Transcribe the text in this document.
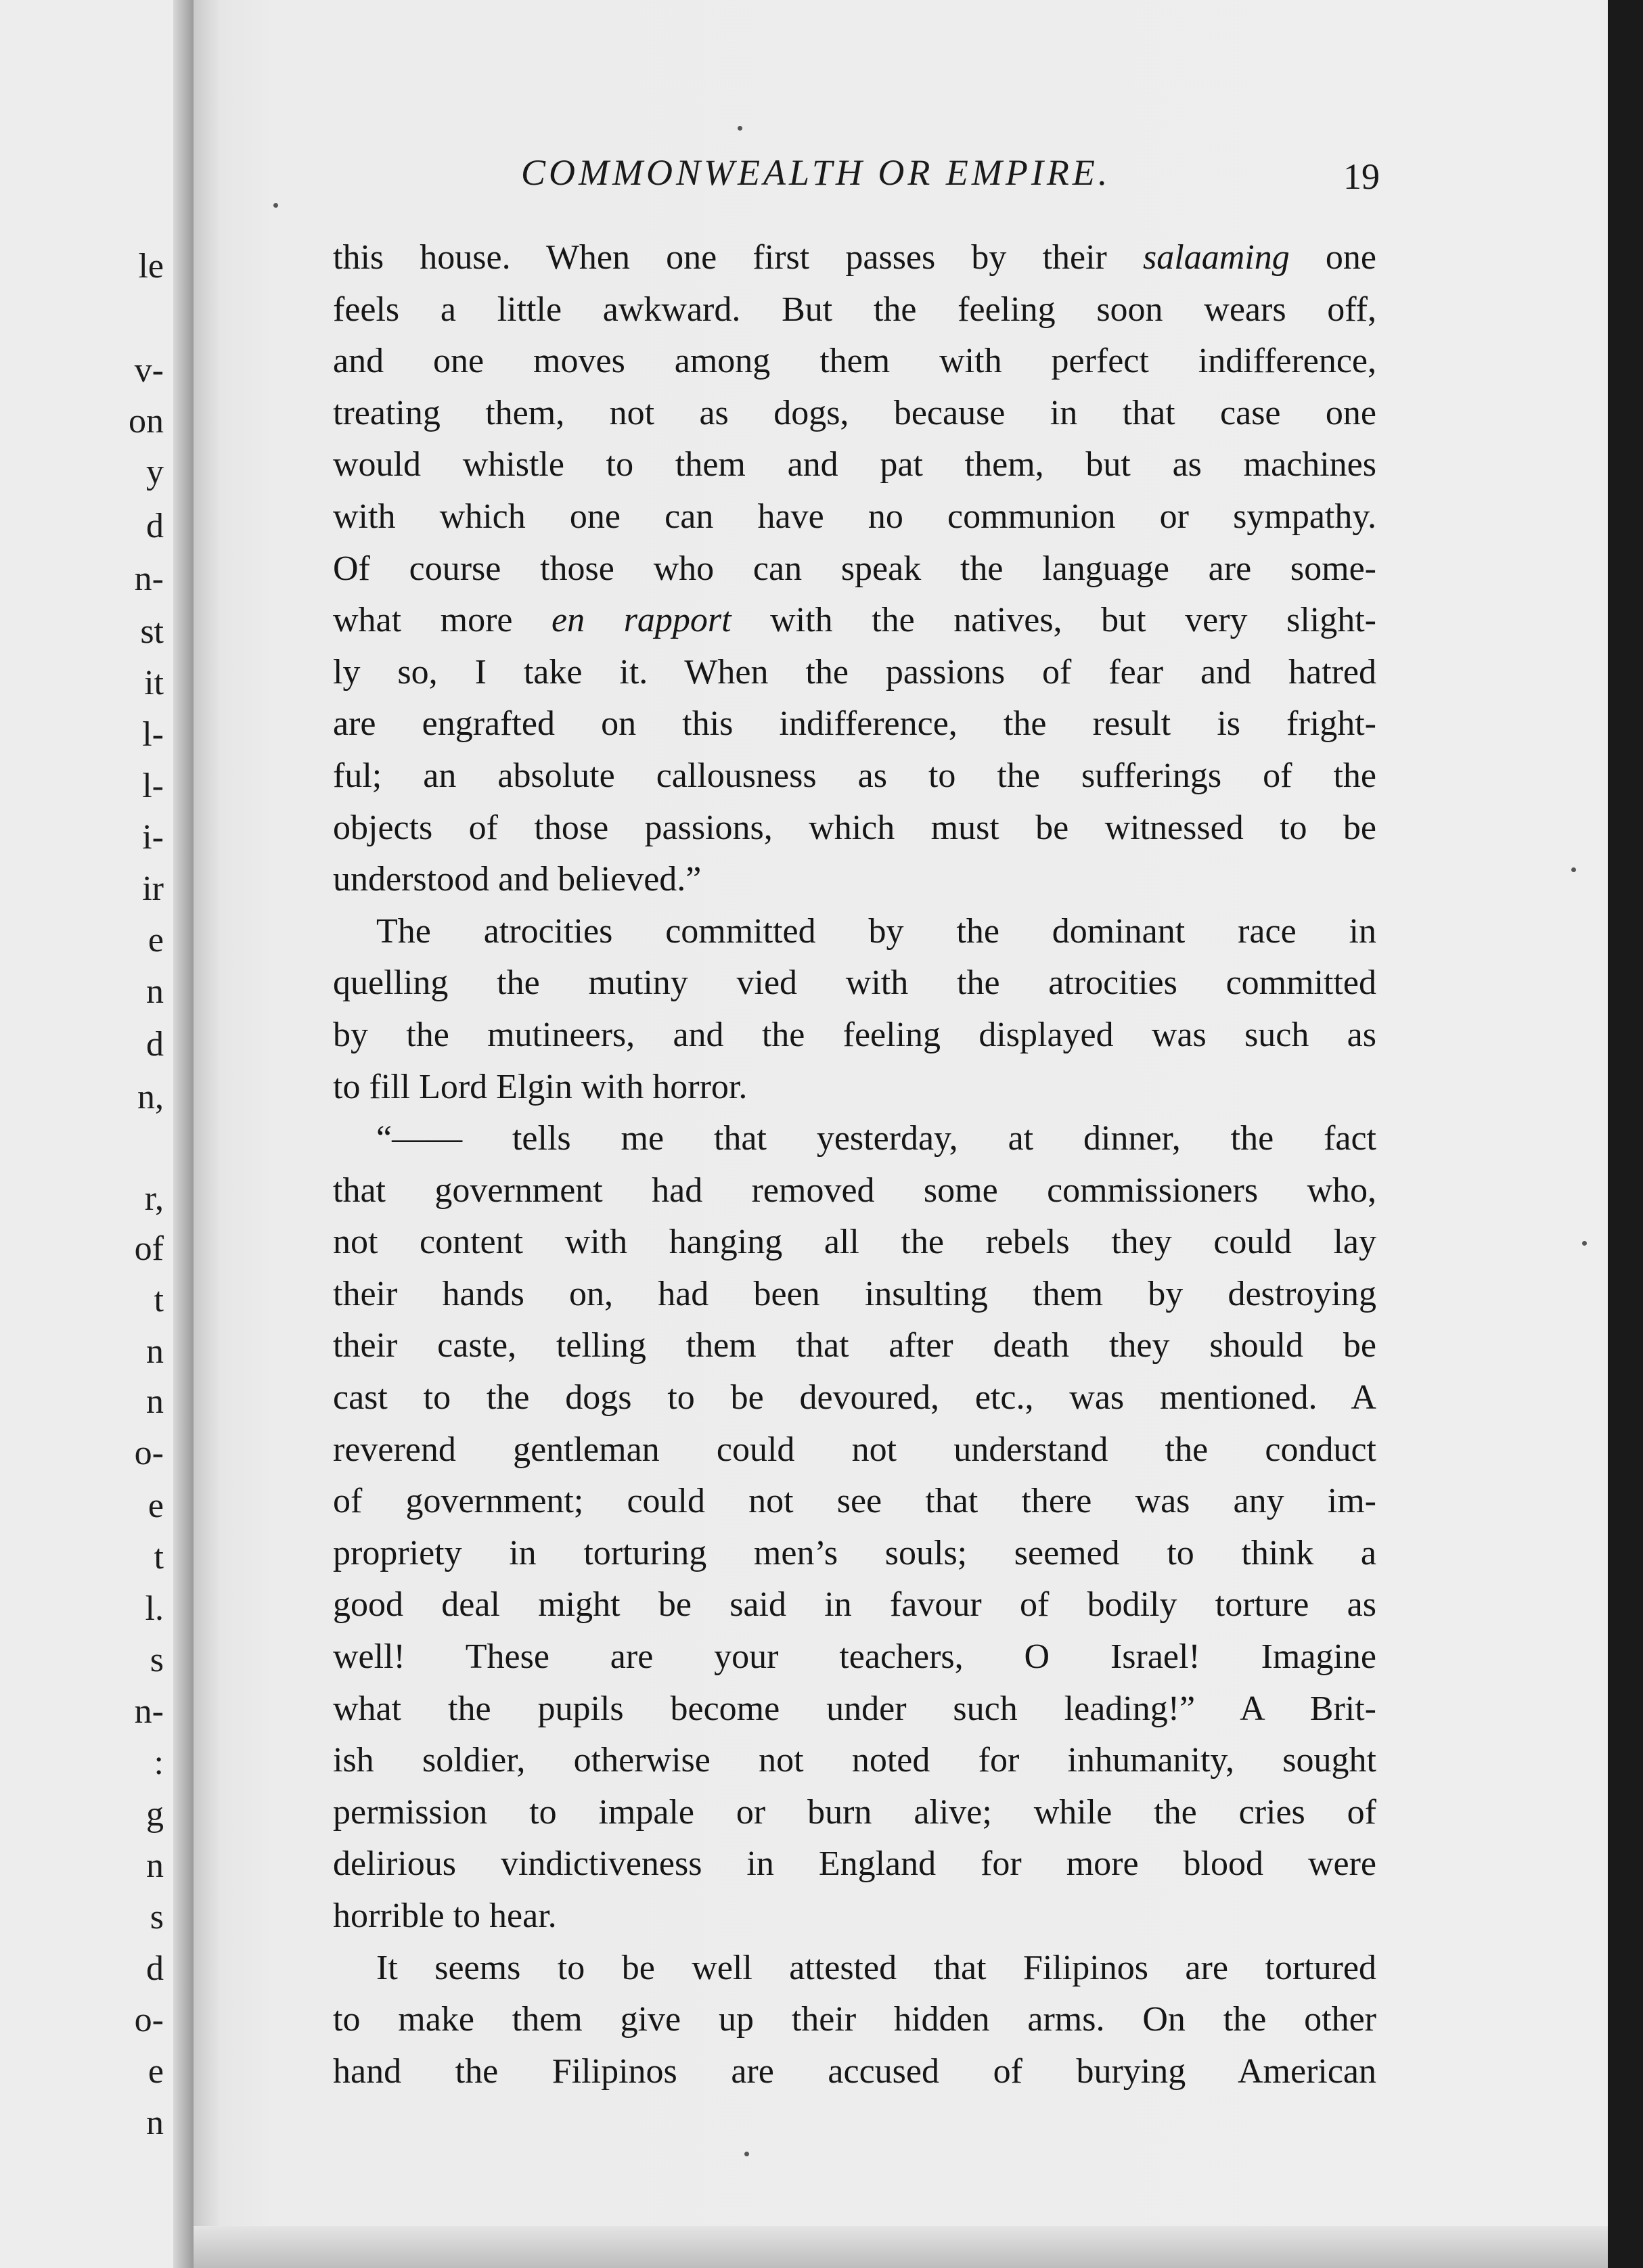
le
v-
on
y
d
n-
st
it
l-
l-
i-
ir
e
n
d
n,
r,
of
t
n
n
o-
e
t
l.
s
n-
:
g
n
s
d
o-
e
n
COMMONWEALTH OR EMPIRE.	19
this house. When one first passes by their salaaming one
feels a little awkward. But the feeling soon wears off,
and one moves among them with perfect indifference,
treating them, not as dogs, because in that case one
would whistle to them and pat them, but as machines
with which one can have no communion or sympathy.
Of course those who can speak the language are some-
what more en rapport with the natives, but very slight-
ly so, I take it. When the passions of fear and hatred
are engrafted on this indifference, the result is fright-
ful; an absolute callousness as to the sufferings of the
objects of those passions, which must be witnessed to be
understood and believed.”
The atrocities committed by the dominant race in
quelling the mutiny vied with the atrocities committed
by the mutineers, and the feeling displayed was such as
to fill Lord Elgin with horror.
“—— tells me that yesterday, at dinner, the fact
that government had removed some commissioners who,
not content with hanging all the rebels they could lay
their hands on, had been insulting them by destroying
their caste, telling them that after death they should be
cast to the dogs to be devoured, etc., was mentioned. A
reverend gentleman could not understand the conduct
of government; could not see that there was any im-
propriety in torturing men’s souls; seemed to think a
good deal might be said in favour of bodily torture as
well! These are your teachers, O Israel! Imagine
what the pupils become under such leading!” A Brit-
ish soldier, otherwise not noted for inhumanity, sought
permission to impale or burn alive; while the cries of
delirious vindictiveness in England for more blood were
horrible to hear.
It seems to be well attested that Filipinos are tortured
to make them give up their hidden arms. On the other
hand the Filipinos are accused of burying American
